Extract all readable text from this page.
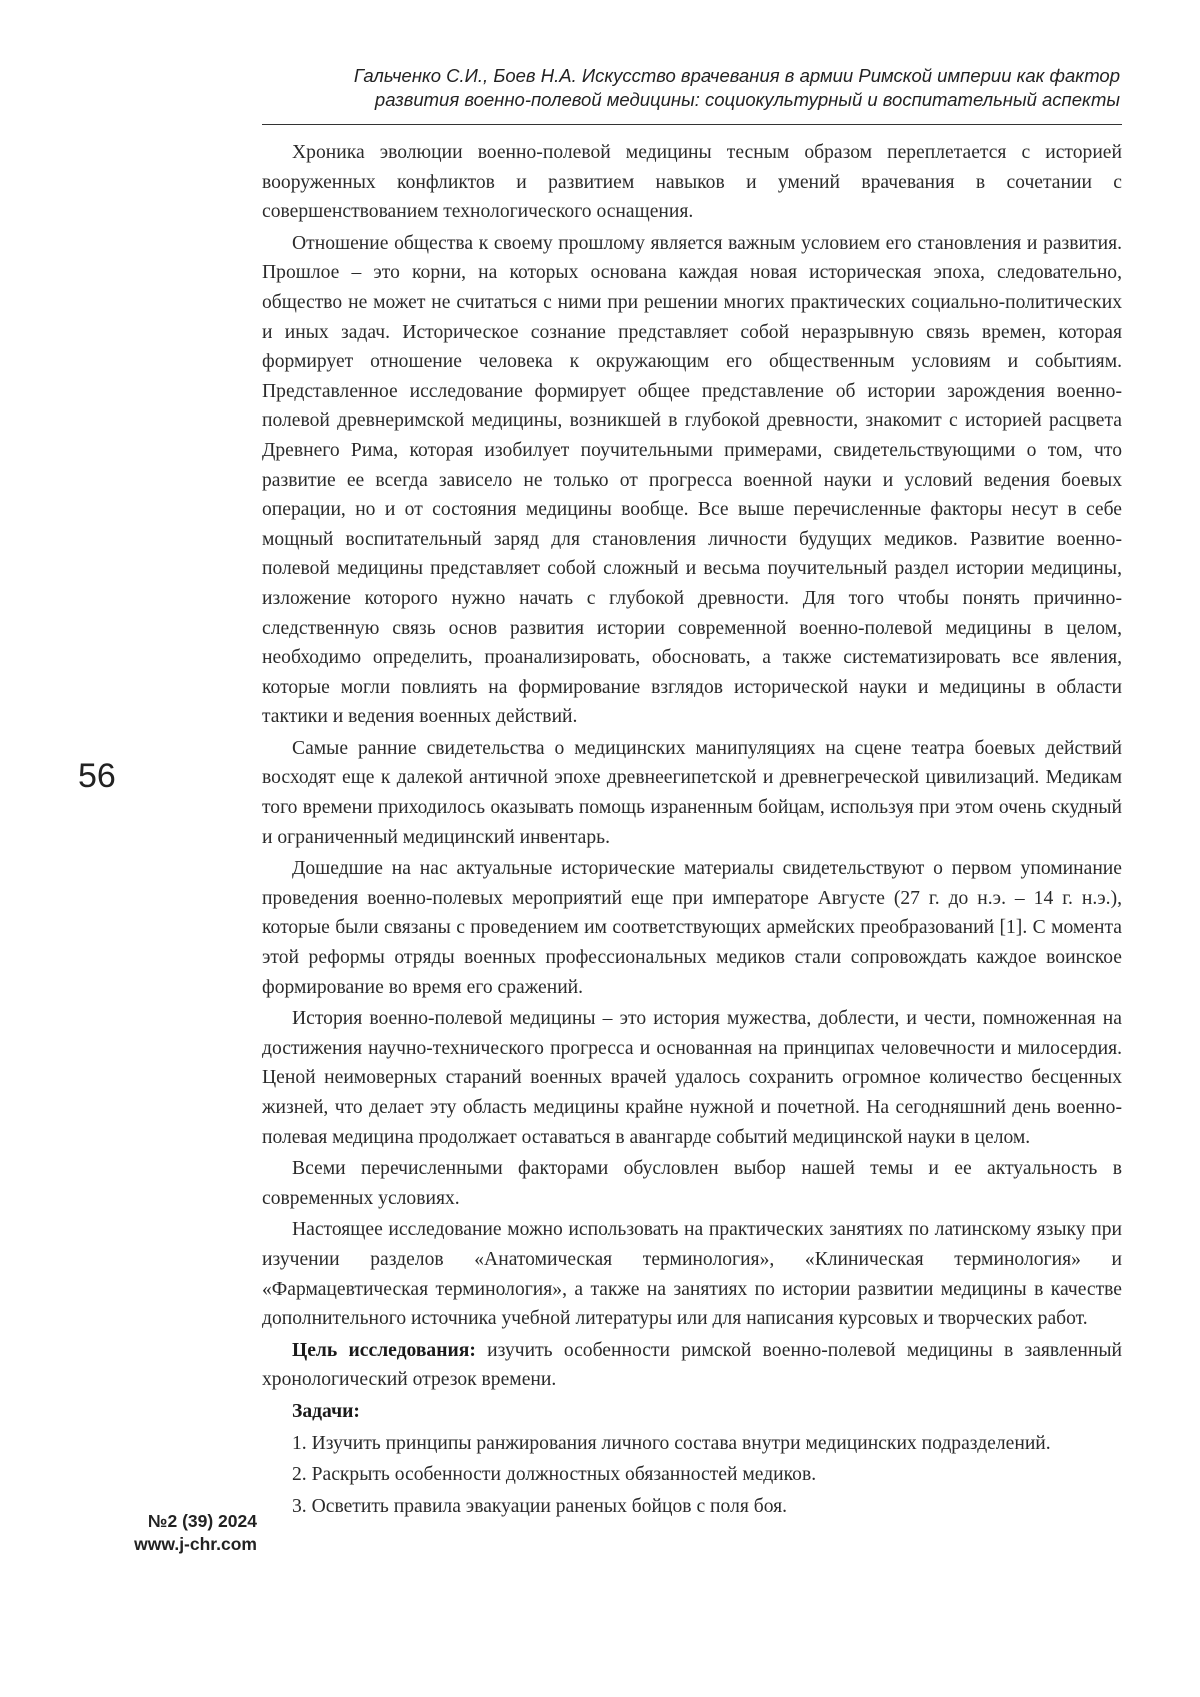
Гальченко С.И., Боев Н.А. Искусство врачевания в армии Римской империи как фактор
развития военно-полевой медицины: социокультурный и воспитательный аспекты
56
№2 (39) 2024
www.j-chr.com

Хроника эволюции военно-полевой медицины тесным образом переплетается с историей вооруженных конфликтов и развитием навыков и умений врачевания в сочетании с совершенствованием технологического оснащения.

Отношение общества к своему прошлому является важным условием его становления и развития. Прошлое – это корни, на которых основана каждая новая историческая эпоха, следовательно, общество не может не считаться с ними при решении многих практических социально-политических и иных задач. Историческое сознание представляет собой неразрывную связь времен, которая формирует отношение человека к окружающим его общественным условиям и событиям. Представленное исследование формирует общее представление об истории зарождения военно-полевой древнеримской медицины, возникшей в глубокой древности, знакомит с историей расцвета Древнего Рима, которая изобилует поучительными примерами, свидетельствующими о том, что развитие ее всегда зависело не только от прогресса военной науки и условий ведения боевых операции, но и от состояния медицины вообще. Все выше перечисленные факторы несут в себе мощный воспитательный заряд для становления личности будущих медиков. Развитие военно-полевой медицины представляет собой сложный и весьма поучительный раздел истории медицины, изложение которого нужно начать с глубокой древности. Для того чтобы понять причинно-следственную связь основ развития истории современной военно-полевой медицины в целом, необходимо определить, проанализировать, обосновать, а также систематизировать все явления, которые могли повлиять на формирование взглядов исторической науки и медицины в области тактики и ведения военных действий.

Самые ранние свидетельства о медицинских манипуляциях на сцене театра боевых действий восходят еще к далекой античной эпохе древнеегипетской и древнегреческой цивилизаций. Медикам того времени приходилось оказывать помощь израненным бойцам, используя при этом очень скудный и ограниченный медицинский инвентарь.

Дошедшие на нас актуальные исторические материалы свидетельствуют о первом упоминание проведения военно-полевых мероприятий еще при императоре Августе (27 г. до н.э. – 14 г. н.э.), которые были связаны с проведением им соответствующих армейских преобразований [1]. С момента этой реформы отряды военных профессиональных медиков стали сопровождать каждое воинское формирование во время его сражений.

История военно-полевой медицины – это история мужества, доблести, и чести, помноженная на достижения научно-технического прогресса и основанная на принципах человечности и милосердия. Ценой неимоверных стараний военных врачей удалось сохранить огромное количество бесценных жизней, что делает эту область медицины крайне нужной и почетной. На сегодняшний день военно-полевая медицина продолжает оставаться в авангарде событий медицинской науки в целом.

Всеми перечисленными факторами обусловлен выбор нашей темы и ее актуальность в современных условиях.

Настоящее исследование можно использовать на практических занятиях по латинскому языку при изучении разделов «Анатомическая терминология», «Клиническая терминология» и «Фармацевтическая терминология», а также на занятиях по истории развитии медицины в качестве дополнительного источника учебной литературы или для написания курсовых и творческих работ.

Цель исследования: изучить особенности римской военно-полевой медицины в заявленный хронологический отрезок времени.

Задачи:
1. Изучить принципы ранжирования личного состава внутри медицинских подразделений.
2. Раскрыть особенности должностных обязанностей медиков.
3. Осветить правила эвакуации раненых бойцов с поля боя.
